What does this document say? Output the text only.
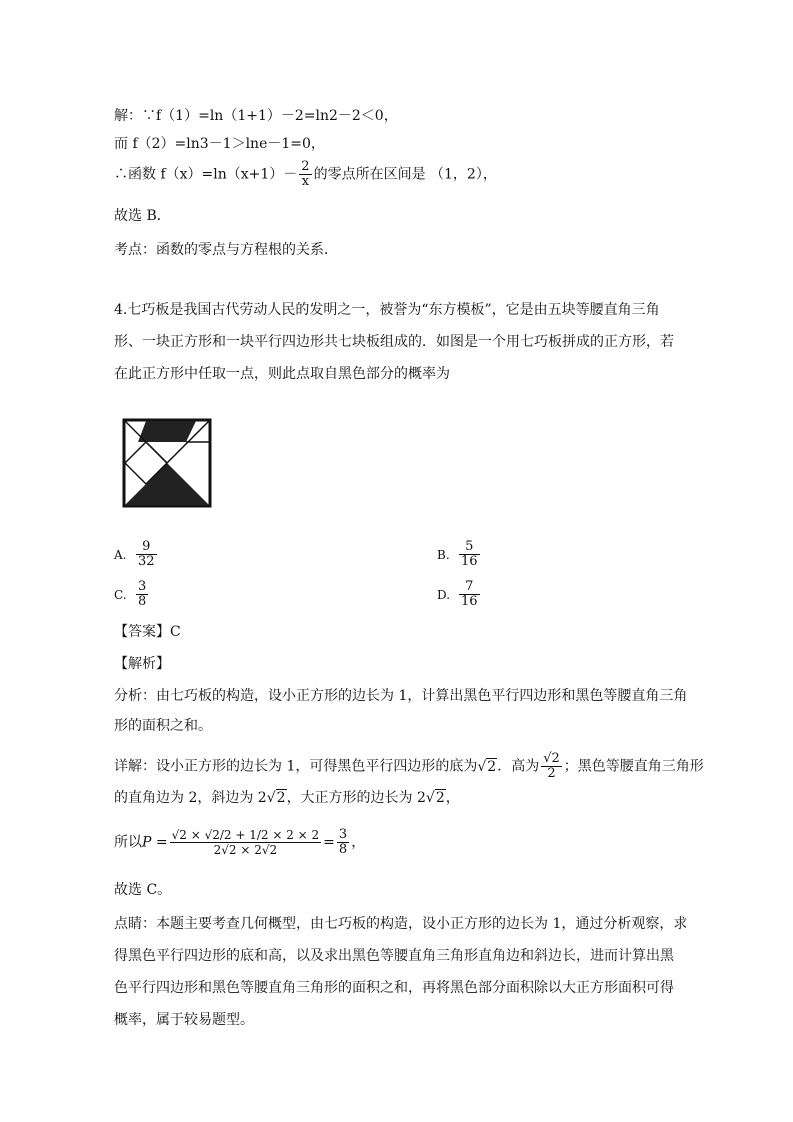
解：∵f（1）=ln（1+1）－2=ln2－2＜0，
而 f（2）=ln3－1＞lne－1=0，
∴函数 $f(x)=\ln(x+1)- \frac{2}{x}$ 的零点所在区间是 （1，2），
故选 B．
考点：函数的零点与方程根的关系．
4.七巧板是我国古代劳动人民的发明之一，被誉为“东方模板”，它是由五块等腰直角三角
形、一块正方形和一块平行四边形共七块板组成的．如图是一个用七巧板拼成的正方形，若
在此正方形中任取一点，则此点取自黑色部分的概率为
A. $\frac{9}{32}$	B. $\frac{5}{16}$
C. $\frac{3}{8}$	D. $\frac{7}{16}$
【答案】C
【解析】
分析：由七巧板的构造，设小正方形的边长为 1，计算出黑色平行四边形和黑色等腰直角三角
形的面积之和。
详解：设小正方形的边长为 1，可得黑色平行四边形的底为√2．高为 $\frac{√2}{2}$ ；黑色等腰直角三角形
的直角边为 2，斜边为 2√2，大正方形的边长为 2√2，
所以$P = \frac{√2 \times √2/2 + 1/2 \times 2 \times 2}{2√2 \times 2√2} = \frac{3}{8}$ ，
故选 C。
点睛：本题主要考查几何概型，由七巧板的构造，设小正方形的边长为 1，通过分析观察，求
得黑色平行四边形的底和高，以及求出黑色等腰直角三角形直角边和斜边长，进而计算出黑
色平行四边形和黑色等腰直角三角形的面积之和，再将黑色部分面积除以大正方形面积可得
概率，属于较易题型。
